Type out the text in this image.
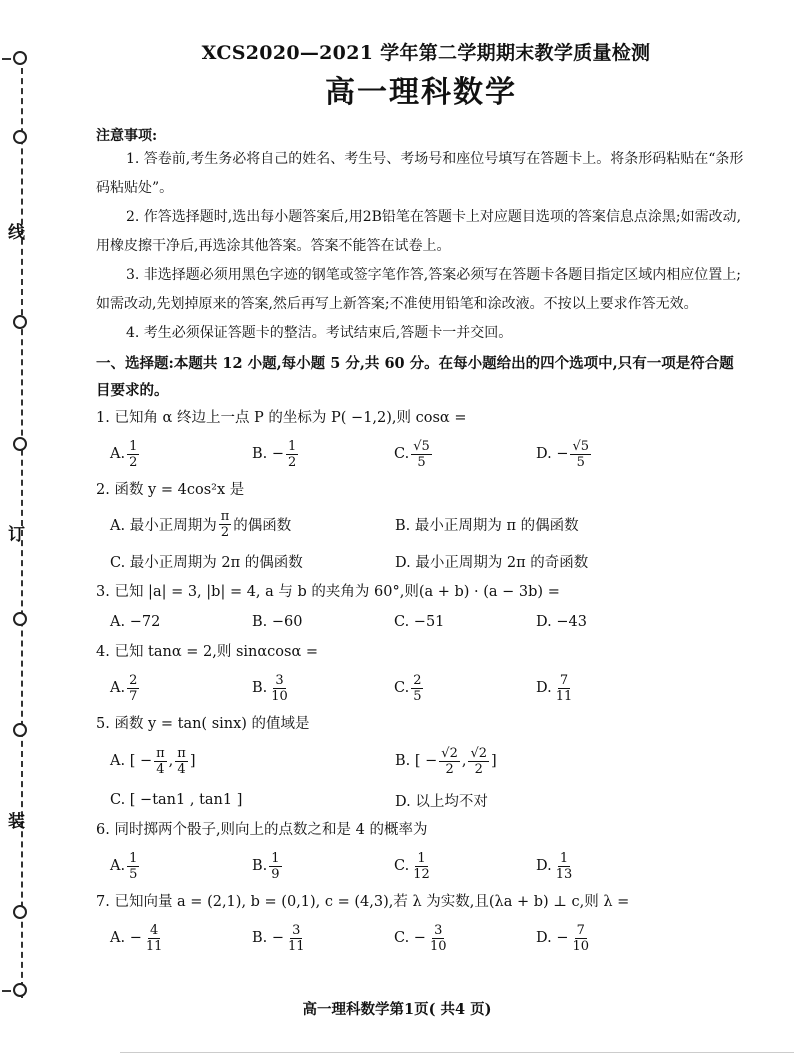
线
订
装
XCS2020—2021 学年第二学期期末教学质量检测
高一理科数学
注意事项:
1. 答卷前,考生务必将自己的姓名、考生号、考场号和座位号填写在答题卡上。将条形码粘贴在“条形码粘贴处”。
2. 作答选择题时,选出每小题答案后,用2B铅笔在答题卡上对应题目选项的答案信息点涂黑;如需改动,用橡皮擦干净后,再选涂其他答案。答案不能答在试卷上。
3. 非选择题必须用黑色字迹的钢笔或签字笔作答,答案必须写在答题卡各题目指定区域内相应位置上;如需改动,先划掉原来的答案,然后再写上新答案;不准使用铅笔和涂改液。不按以上要求作答无效。
4. 考生必须保证答题卡的整洁。考试结束后,答题卡一并交回。
一、选择题:本题共 12 小题,每小题 5 分,共 60 分。在每小题给出的四个选项中,只有一项是符合题目要求的。
1. 已知角 α 终边上一点 P 的坐标为 P( −1,2),则 cosα =
A. $\frac{1}{2}$	B. − $\frac{1}{2}$	C. $\frac{√5}{5}$	D. − $\frac{√5}{5}$
2. 函数 y = 4cos²x 是
A. 最小正周期为 $\frac{\pi}{2}$ 的偶函数	B. 最小正周期为 π 的偶函数
C. 最小正周期为 2π 的偶函数	D. 最小正周期为 2π 的奇函数
3. 已知 |a| = 3, |b| = 4, a 与 b 的夹角为 60°,则(a + b) · (a − 3b) =
A. −72	B. −60	C. −51	D. −43
4. 已知 tanα = 2,则 sinαcosα =
A. $\frac{2}{7}$	B. $\frac{3}{10}$	C. $\frac{2}{5}$	D. $\frac{7}{11}$
5. 函数 y = tan( sinx) 的值域是
A. [ − $\frac{\pi}{4}$ , $\frac{\pi}{4}$ ]	B. [ − $\frac{√2}{2}$ , $\frac{√2}{2}$ ]
C. [ −tan1 , tan1 ]	D. 以上均不对
6. 同时掷两个骰子,则向上的点数之和是 4 的概率为
A. $\frac{1}{5}$	B. $\frac{1}{9}$	C. $\frac{1}{12}$	D. $\frac{1}{13}$
7. 已知向量 a = (2,1), b = (0,1), c = (4,3),若 λ 为实数,且(λa + b) ⊥ c,则 λ =
A. − $\frac{4}{11}$	B. − $\frac{3}{11}$	C. − $\frac{3}{10}$	D. − $\frac{7}{10}$
高一理科数学第1页( 共4 页)
